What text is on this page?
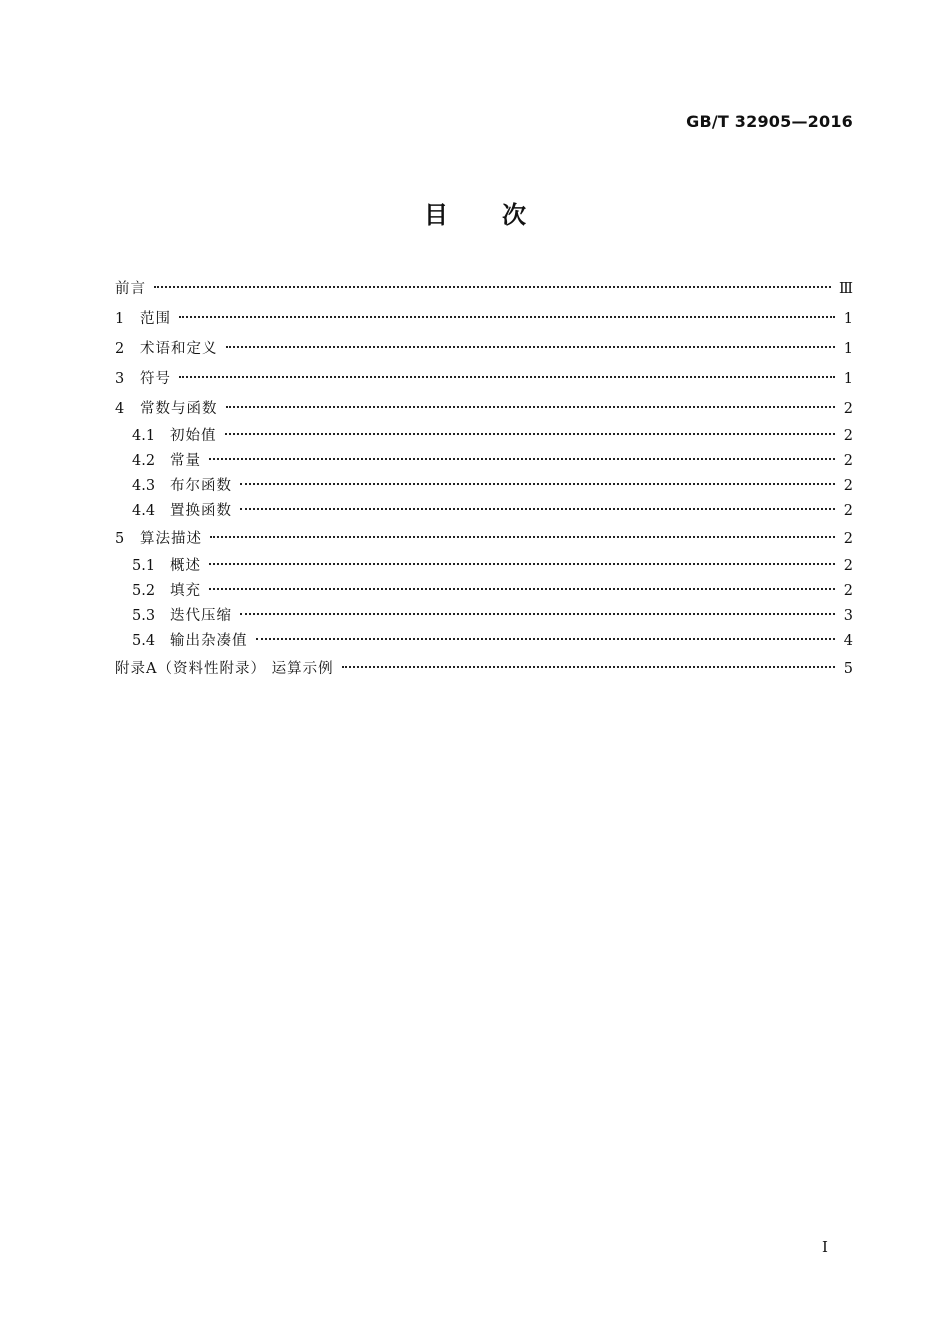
GB/T 32905—2016
目次
前言	Ⅲ
1	范围	1
2	术语和定义	1
3	符号	1
4	常数与函数	2
4.1	初始值	2
4.2	常量	2
4.3	布尔函数	2
4.4	置换函数	2
5	算法描述	2
5.1	概述	2
5.2	填充	2
5.3	迭代压缩	3
5.4	输出杂凑值	4
附录A（资料性附录） 运算示例	5
I
